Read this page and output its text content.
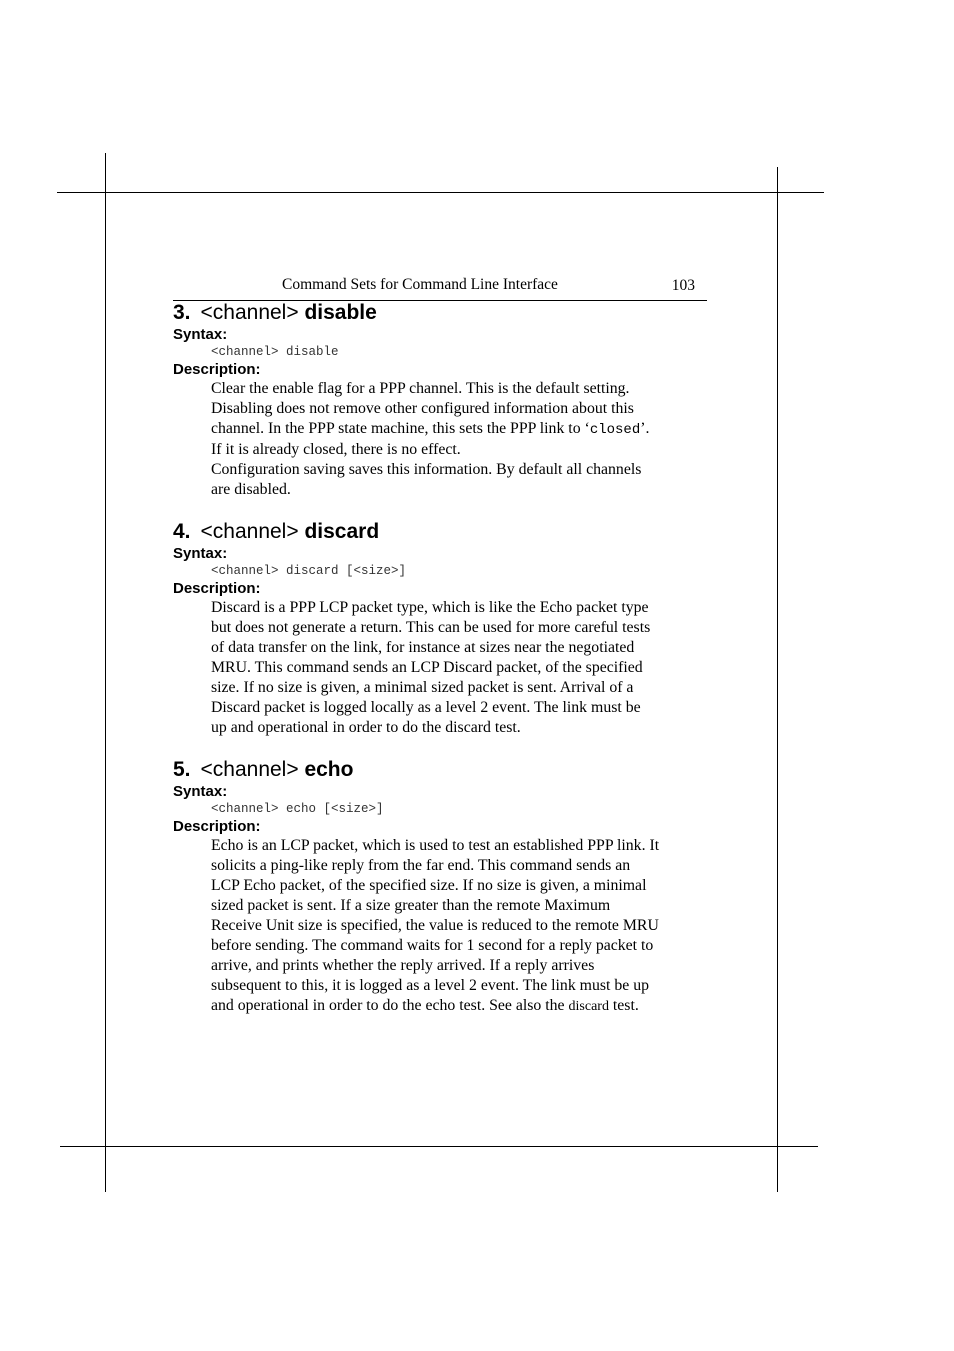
Command Sets for Command Line Interface	103
3. <channel> disable
Syntax:
<channel> disable
Description:

Clear the enable flag for a PPP channel. This is the default setting.
Disabling does not remove other configured information about this
channel. In the PPP state machine, this sets the PPP link to ‘closed’.
If it is already closed, there is no effect.

Configuration saving saves this information. By default all channels
are disabled.

4. <channel> discard
Syntax:
<channel> discard [<size>]
Description:

Discard is a PPP LCP packet type, which is like the Echo packet type
but does not generate a return. This can be used for more careful tests
of data transfer on the link, for instance at sizes near the negotiated
MRU. This command sends an LCP Discard packet, of the specified
size. If no size is given, a minimal sized packet is sent. Arrival of a
Discard packet is logged locally as a level 2 event. The link must be
up and operational in order to do the discard test.

5. <channel> echo
Syntax:
<channel> echo [<size>]
Description:

Echo is an LCP packet, which is used to test an established PPP link. It
solicits a ping-like reply from the far end. This command sends an
LCP Echo packet, of the specified size. If no size is given, a minimal
sized packet is sent. If a size greater than the remote Maximum
Receive Unit size is specified, the value is reduced to the remote MRU
before sending. The command waits for 1 second for a reply packet to
arrive, and prints whether the reply arrived. If a reply arrives
subsequent to this, it is logged as a level 2 event. The link must be up
and operational in order to do the echo test. See also the discard test.
